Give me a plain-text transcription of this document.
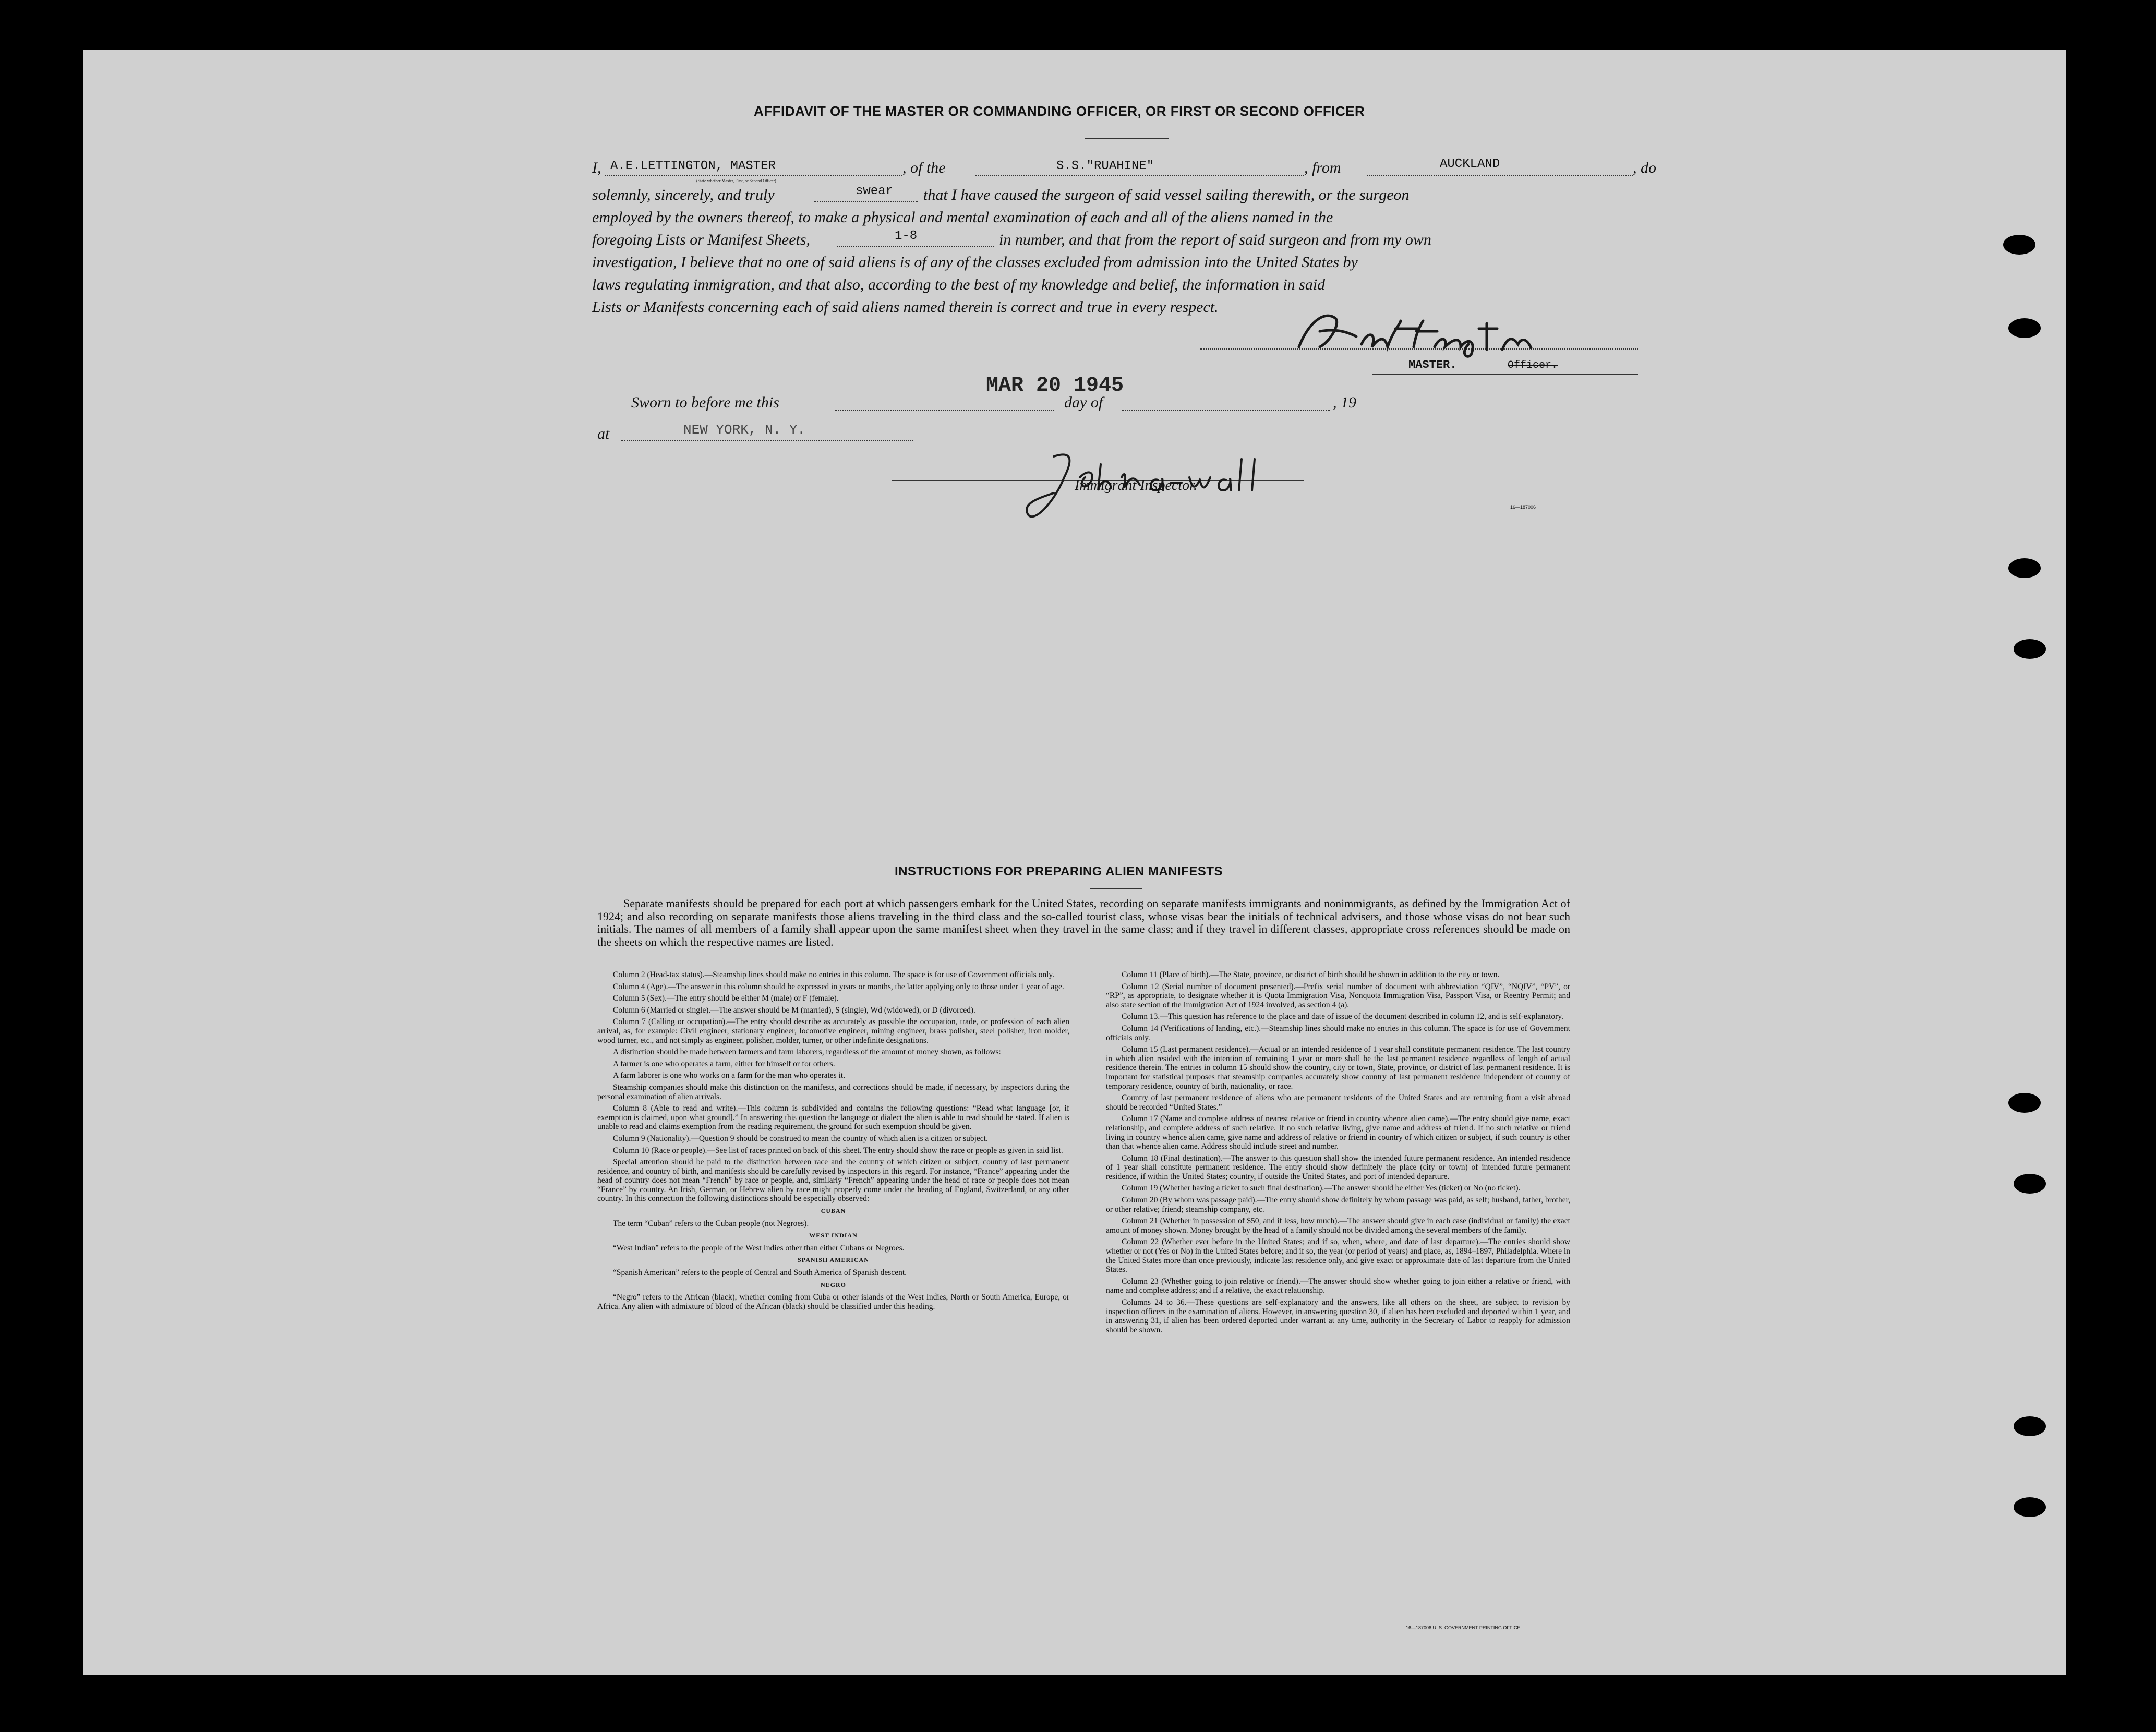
AFFIDAVIT OF THE MASTER OR COMMANDING OFFICER, OR FIRST OR SECOND OFFICER
I, A.E.LETTINGTON, MASTER
(State whether Master, First, or Second Officer)
, of the	S.S."RUAHINE"	, from	AUCKLAND	, do
solemnly, sincerely, and truly	swear that I have caused the surgeon of said vessel sailing therewith, or the surgeon
employed by the owners thereof, to make a physical and mental examination of each and all of the aliens named in the
foregoing Lists or Manifest Sheets,	1-8	in number, and that from the report of said surgeon and from my own
investigation, I believe that no one of said aliens is of any of the classes excluded from admission into the United States by
laws regulating immigration, and that also, according to the best of my knowledge and belief, the information in said
Lists or Manifests concerning each of said aliens named therein is correct and true in every respect.
MASTER.	Officer.
MAR 20 1945
Sworn to before me this	day of	, 19
at	NEW YORK, N. Y.
Immigrant Inspector.
16—187006
INSTRUCTIONS FOR PREPARING ALIEN MANIFESTS
Separate manifests should be prepared for each port at which passengers embark for the United States, recording on separate manifests immigrants and nonimmigrants, as defined by the Immigration Act of 1924; and also recording on separate manifests those aliens traveling in the third class and the so-called tourist class, whose visas bear the initials of technical advisers, and those whose visas do not bear such initials. The names of all members of a family shall appear upon the same manifest sheet when they travel in the same class; and if they travel in different classes, appropriate cross references should be made on the sheets on which the respective names are listed.

Column 2 (Head-tax status).—Steamship lines should make no entries in this column. The space is for use of Government officials only.

Column 4 (Age).—The answer in this column should be expressed in years or months, the latter applying only to those under 1 year of age.

Column 5 (Sex).—The entry should be either M (male) or F (female).

Column 6 (Married or single).—The answer should be M (married), S (single), Wd (widowed), or D (divorced).

Column 7 (Calling or occupation).—The entry should describe as accurately as possible the occupation, trade, or profession of each alien arrival, as, for example: Civil engineer, stationary engineer, locomotive engineer, mining engineer, brass polisher, steel polisher, iron molder, wood turner, etc., and not simply as engineer, polisher, molder, turner, or other indefinite designations.

A distinction should be made between farmers and farm laborers, regardless of the amount of money shown, as follows:

A farmer is one who operates a farm, either for himself or for others.

A farm laborer is one who works on a farm for the man who operates it.

Steamship companies should make this distinction on the manifests, and corrections should be made, if necessary, by inspectors during the personal examination of alien arrivals.

Column 8 (Able to read and write).—This column is subdivided and contains the following questions: “Read what language [or, if exemption is claimed, upon what ground].” In answering this question the language or dialect the alien is able to read should be stated. If alien is unable to read and claims exemption from the reading requirement, the ground for such exemption should be given.

Column 9 (Nationality).—Question 9 should be construed to mean the country of which alien is a citizen or subject.

Column 10 (Race or people).—See list of races printed on back of this sheet. The entry should show the race or people as given in said list.

Special attention should be paid to the distinction between race and the country of which citizen or subject, country of last permanent residence, and country of birth, and manifests should be carefully revised by inspectors in this regard. For instance, “France” appearing under the head of country does not mean “French” by race or people, and, similarly “French” appearing under the head of race or people does not mean “France” by country. An Irish, German, or Hebrew alien by race might properly come under the heading of England, Switzerland, or any other country. In this connection the following distinctions should be especially observed:

CUBAN

The term “Cuban” refers to the Cuban people (not Negroes).

WEST INDIAN

“West Indian” refers to the people of the West Indies other than either Cubans or Negroes.

SPANISH AMERICAN

“Spanish American” refers to the people of Central and South America of Spanish descent.

NEGRO

“Negro” refers to the African (black), whether coming from Cuba or other islands of the West Indies, North or South America, Europe, or Africa. Any alien with admixture of blood of the African (black) should be classified under this heading.

Column 11 (Place of birth).—The State, province, or district of birth should be shown in addition to the city or town.

Column 12 (Serial number of document presented).—Prefix serial number of document with abbreviation “QIV”, “NQIV”, “PV”, or “RP”, as appropriate, to designate whether it is Quota Immigration Visa, Nonquota Immigration Visa, Passport Visa, or Reentry Permit; and also state section of the Immigration Act of 1924 involved, as section 4 (a).

Column 13.—This question has reference to the place and date of issue of the document described in column 12, and is self-explanatory.

Column 14 (Verifications of landing, etc.).—Steamship lines should make no entries in this column. The space is for use of Government officials only.

Column 15 (Last permanent residence).—Actual or an intended residence of 1 year shall constitute permanent residence. The last country in which alien resided with the intention of remaining 1 year or more shall be the last permanent residence regardless of length of actual residence therein. The entries in column 15 should show the country, city or town, State, province, or district of last permanent residence. It is important for statistical purposes that steamship companies accurately show country of last permanent residence independent of country of temporary residence, country of birth, nationality, or race.

Country of last permanent residence of aliens who are permanent residents of the United States and are returning from a visit abroad should be recorded “United States.”

Column 17 (Name and complete address of nearest relative or friend in country whence alien came).—The entry should give name, exact relationship, and complete address of such relative. If no such relative living, give name and address of friend. If no such relative or friend living in country whence alien came, give name and address of relative or friend in country of which citizen or subject, if such country is other than that whence alien came. Address should include street and number.

Column 18 (Final destination).—The answer to this question shall show the intended future permanent residence. An intended residence of 1 year shall constitute permanent residence. The entry should show definitely the place (city or town) of intended future permanent residence, if within the United States; country, if outside the United States, and port of intended departure.

Column 19 (Whether having a ticket to such final destination).—The answer should be either Yes (ticket) or No (no ticket).

Column 20 (By whom was passage paid).—The entry should show definitely by whom passage was paid, as self; husband, father, brother, or other relative; friend; steamship company, etc.

Column 21 (Whether in possession of $50, and if less, how much).—The answer should give in each case (individual or family) the exact amount of money shown. Money brought by the head of a family should not be divided among the several members of the family.

Column 22 (Whether ever before in the United States; and if so, when, where, and date of last departure).—The entries should show whether or not (Yes or No) in the United States before; and if so, the year (or period of years) and place, as, 1894–1897, Philadelphia. Where in the United States more than once previously, indicate last residence only, and give exact or approximate date of last departure from the United States.

Column 23 (Whether going to join relative or friend).—The answer should show whether going to join either a relative or friend, with name and complete address; and if a relative, the exact relationship.

Columns 24 to 36.—These questions are self-explanatory and the answers, like all others on the sheet, are subject to revision by inspection officers in the examination of aliens. However, in answering question 30, if alien has been excluded and deported within 1 year, and in answering 31, if alien has been ordered deported under warrant at any time, authority in the Secretary of Labor to reapply for admission should be shown.

16—187006 U. S. GOVERNMENT PRINTING OFFICE
